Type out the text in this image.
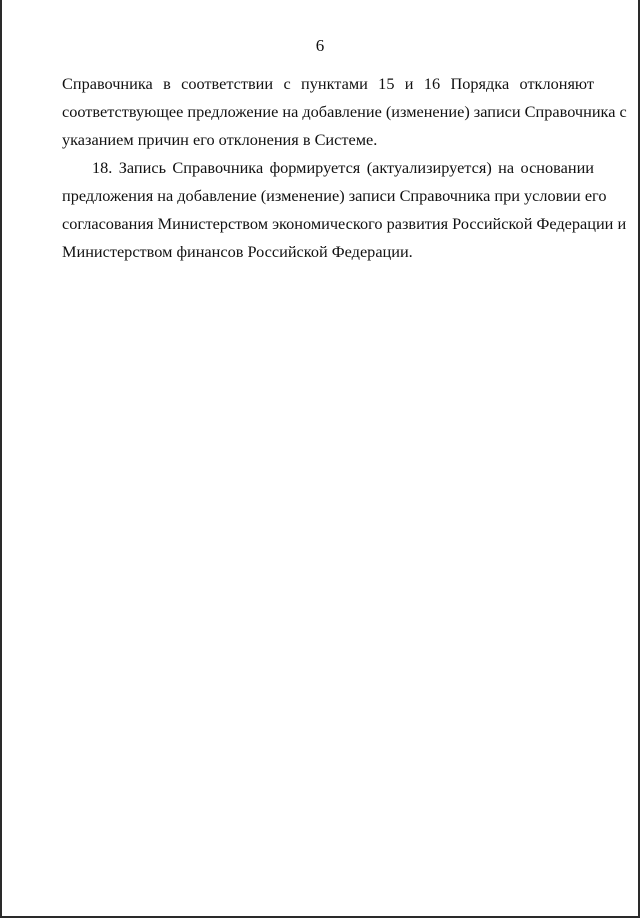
6
Справочника в соответствии с пунктами 15 и 16 Порядка отклоняют
соответствующее предложение на добавление (изменение) записи Справочника с
указанием причин его отклонения в Системе.
18. Запись Справочника формируется (актуализируется) на основании
предложения на добавление (изменение) записи Справочника при условии его
согласования Министерством экономического развития Российской Федерации и
Министерством финансов Российской Федерации.
